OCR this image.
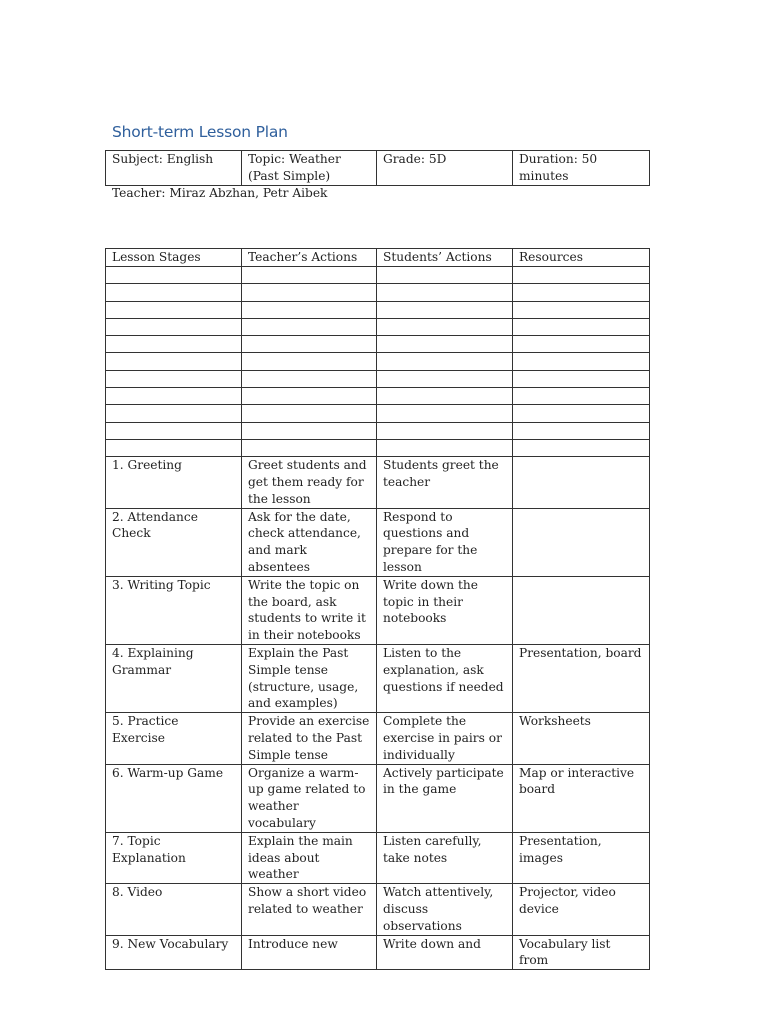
Short-term Lesson Plan
Subject: English	Topic: Weather (Past Simple)	Grade: 5D	Duration: 50 minutes
Teacher: Miraz Abzhan, Petr Aibek
Lesson Stages	Teacher’s Actions	Students’ Actions	Resources

1. Greeting	Greet students and get them ready for the lesson	Students greet the teacher	
2. Attendance Check	Ask for the date, check attendance, and mark absentees	Respond to questions and prepare for the lesson	
3. Writing Topic	Write the topic on the board, ask students to write it in their notebooks	Write down the topic in their notebooks	
4. Explaining Grammar	Explain the Past Simple tense (structure, usage, and examples)	Listen to the explanation, ask questions if needed	Presentation, board
5. Practice Exercise	Provide an exercise related to the Past Simple tense	Complete the exercise in pairs or individually	Worksheets
6. Warm-up Game	Organize a warm-up game related to weather vocabulary	Actively participate in the game	Map or interactive board
7. Topic Explanation	Explain the main ideas about weather	Listen carefully, take notes	Presentation, images
8. Video	Show a short video related to weather	Watch attentively, discuss observations	Projector, video device
9. New Vocabulary	Introduce new	Write down and	Vocabulary list from
